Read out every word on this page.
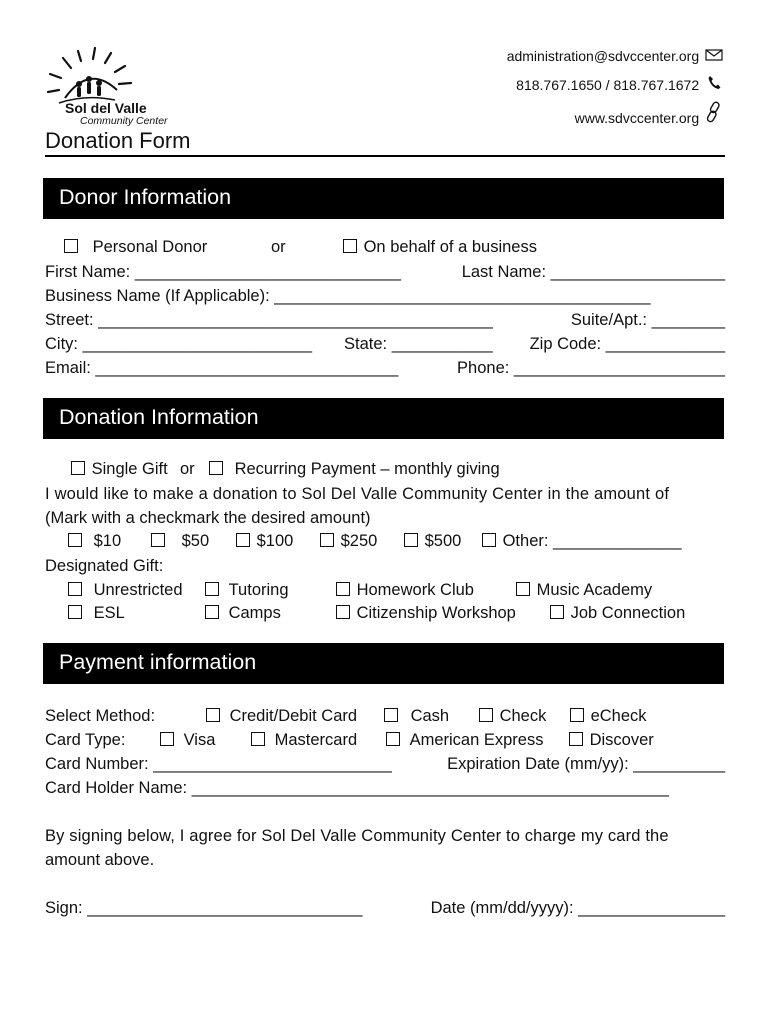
Sol del Valle
Community Center
administration@sdvccenter.org
818.767.1650 / 818.767.1672
www.sdvccenter.org
Donation Form
Donor Information
Personal Donor	or	On behalf of a business
First Name: _____________________________	Last Name: ___________________
Business Name (If Applicable): _________________________________________
Street: ___________________________________________	Suite/Apt.: ________
City: _________________________ State: ___________ Zip Code: _____________
Email: _________________________________	Phone: _______________________
Donation Information
Single Gift or	Recurring Payment – monthly giving
I would like to make a donation to Sol Del Valle Community Center in the amount of
(Mark with a checkmark the desired amount)
$10	$50	$100	$250	$500	Other: ______________
Designated Gift:
Unrestricted	Tutoring	Homework Club	Music Academy
ESL	Camps	Citizenship Workshop	Job Connection
Payment information
Select Method:	Credit/Debit Card	Cash	Check	eCheck
Card Type:	Visa	Mastercard	American Express	Discover
Card Number: __________________________	Expiration Date (mm/yy): __________
Card Holder Name: ____________________________________________________
By signing below, I agree for Sol Del Valle Community Center to charge my card the
amount above.
Sign: ______________________________	Date (mm/dd/yyyy): ________________
